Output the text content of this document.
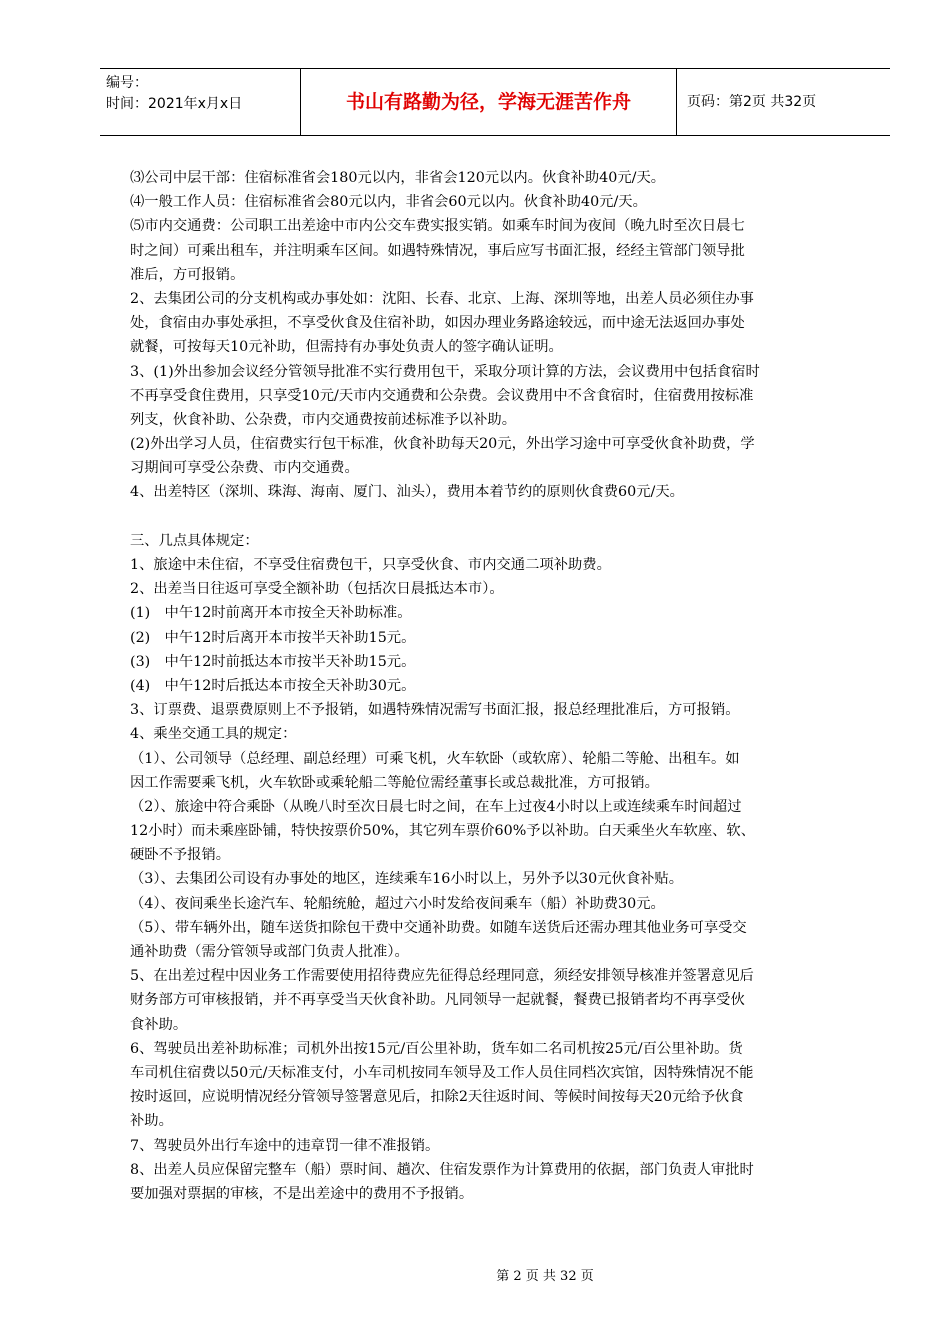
编号：
时间：2021年x月x日	书山有路勤为径，学海无涯苦作舟	页码：第2页 共32页
⑶公司中层干部：住宿标准省会180元以内，非省会120元以内。伙食补助40元/天。
⑷一般工作人员：住宿标准省会80元以内，非省会60元以内。伙食补助40元/天。
⑸市内交通费：公司职工出差途中市内公交车费实报实销。如乘车时间为夜间（晚九时至次日晨七
时之间）可乘出租车，并注明乘车区间。如遇特殊情况，事后应写书面汇报，经经主管部门领导批
准后，方可报销。
2、去集团公司的分支机构或办事处如：沈阳、长春、北京、上海、深圳等地，出差人员必须住办事
处，食宿由办事处承担，不享受伙食及住宿补助，如因办理业务路途较远，而中途无法返回办事处
就餐，可按每天10元补助，但需持有办事处负责人的签字确认证明。
3、(1)外出参加会议经分管领导批准不实行费用包干，采取分项计算的方法，会议费用中包括食宿时
不再享受食住费用，只享受10元/天市内交通费和公杂费。会议费用中不含食宿时，住宿费用按标准
列支，伙食补助、公杂费，市内交通费按前述标准予以补助。
(2)外出学习人员，住宿费实行包干标准，伙食补助每天20元，外出学习途中可享受伙食补助费，学
习期间可享受公杂费、市内交通费。
4、出差特区（深圳、珠海、海南、厦门、汕头），费用本着节约的原则伙食费60元/天。
三、几点具体规定：
1、旅途中未住宿，不享受住宿费包干，只享受伙食、市内交通二项补助费。
2、出差当日往返可享受全额补助（包括次日晨抵达本市）。
(1)　中午12时前离开本市按全天补助标准。
(2)　中午12时后离开本市按半天补助15元。
(3)　中午12时前抵达本市按半天补助15元。
(4)　中午12时后抵达本市按全天补助30元。
3、订票费、退票费原则上不予报销，如遇特殊情况需写书面汇报，报总经理批准后，方可报销。
4、乘坐交通工具的规定：
（1）、公司领导（总经理、副总经理）可乘飞机，火车软卧（或软席）、轮船二等舱、出租车。如
因工作需要乘飞机，火车软卧或乘轮船二等舱位需经董事长或总裁批准，方可报销。
（2）、旅途中符合乘卧（从晚八时至次日晨七时之间，在车上过夜4小时以上或连续乘车时间超过
12小时）而未乘座卧铺，特快按票价50%，其它列车票价60%予以补助。白天乘坐火车软座、软、
硬卧不予报销。
（3）、去集团公司设有办事处的地区，连续乘车16小时以上，另外予以30元伙食补贴。
（4）、夜间乘坐长途汽车、轮船统舱，超过六小时发给夜间乘车（船）补助费30元。
（5）、带车辆外出，随车送货扣除包干费中交通补助费。如随车送货后还需办理其他业务可享受交
通补助费（需分管领导或部门负责人批准）。
5、在出差过程中因业务工作需要使用招待费应先征得总经理同意，须经安排领导核准并签署意见后
财务部方可审核报销，并不再享受当天伙食补助。凡同领导一起就餐，餐费已报销者均不再享受伙
食补助。
6、驾驶员出差补助标准；司机外出按15元/百公里补助，货车如二名司机按25元/百公里补助。货
车司机住宿费以50元/天标准支付，小车司机按同车领导及工作人员住同档次宾馆，因特殊情况不能
按时返回，应说明情况经分管领导签署意见后，扣除2天往返时间、等候时间按每天20元给予伙食
补助。
7、驾驶员外出行车途中的违章罚一律不准报销。
8、出差人员应保留完整车（船）票时间、趟次、住宿发票作为计算费用的依据，部门负责人审批时
要加强对票据的审核，不是出差途中的费用不予报销。
第 2 页 共 32 页
